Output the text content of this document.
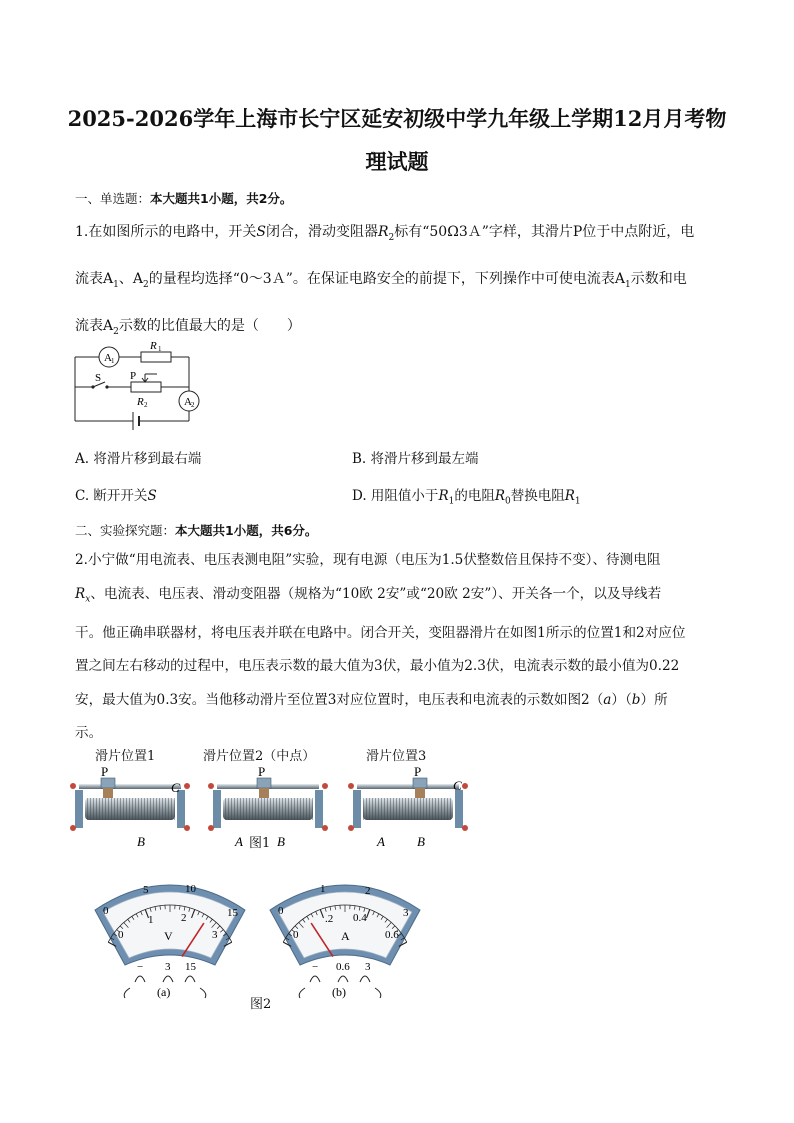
2025-2026学年上海市长宁区延安初级中学九年级上学期12月月考物
理试题
一、单选题：本大题共1小题，共2分。
1.在如图所示的电路中，开关S闭合，滑动变阻器$R_2$标有“50Ω3Ａ”字样，其滑片P位于中点附近，电
流表$A_1$、$A_2$的量程均选择“0～3Ａ”。在保证电路安全的前提下，下列操作中可使电流表$A_1$示数和电
流表$A_2$示数的比值最大的是（　　）
A 1
R 1
S	P
R 2	A 2
A. 将滑片移到最右端	B. 将滑片移到最左端
C. 断开开关S	D. 用阻值小于$R_1$的电阻$R_0$替换电阻$R_1$
二、实验探究题：本大题共1小题，共6分。
2.小宁做“用电流表、电压表测电阻”实验，现有电源（电压为1.5伏整数倍且保持不变）、待测电阻
$R_x$、电流表、电压表、滑动变阻器（规格为“10欧 2安”或“20欧 2安”）、开关各一个，以及导线若
干。他正确串联器材，将电压表并联在电路中。闭合开关，变阻器滑片在如图1所示的位置1和2对应位
置之间左右移动的过程中，电压表示数的最大值为3伏，最小值为2.3伏，电流表示数的最小值为0.22
安，最大值为0.3安。当他移动滑片至位置3对应位置时，电压表和电流表的示数如图2（a）（b）所
示。
滑片位置1	滑片位置2（中点）	滑片位置3
P
C
B
P
A	B
P
C
A B
图1
0
5	10
15
0
1	2
3
V
− 3 15
(a)
0
1	2
3
0
.2 0.4
0.6
A
− 0.6 3
(b)
图2
